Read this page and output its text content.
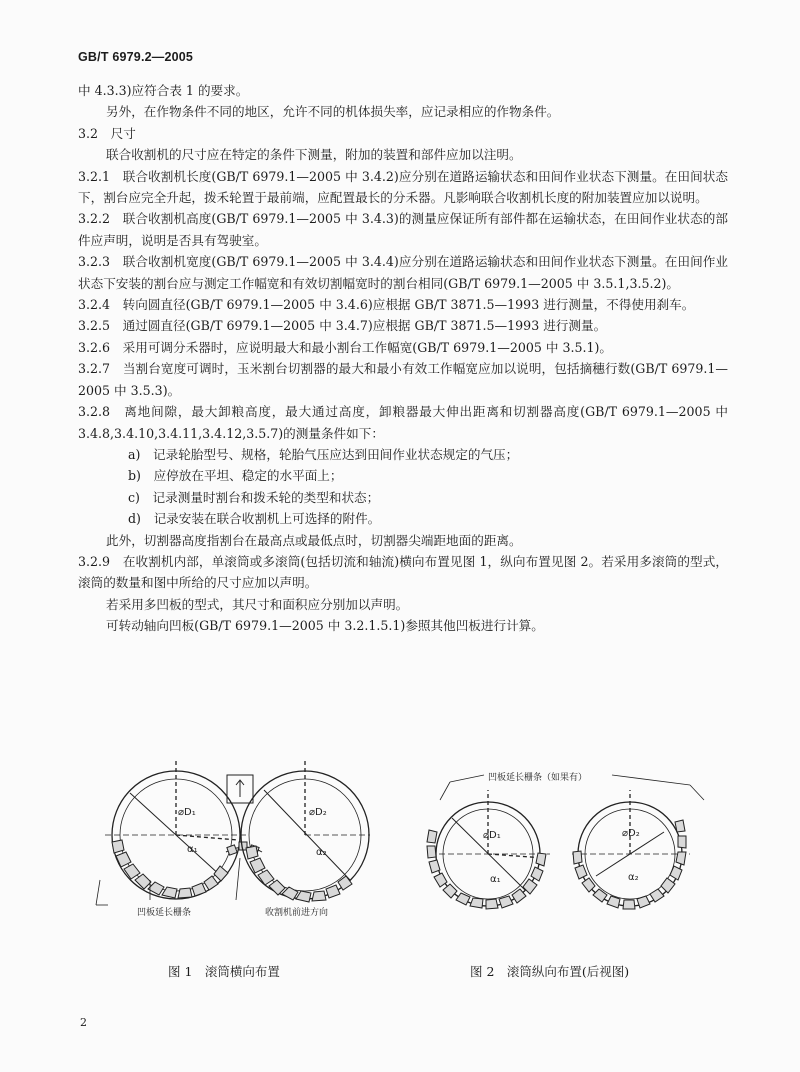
GB/T 6979.2—2005

中 4.3.3)应符合表 1 的要求。

另外，在作物条件不同的地区，允许不同的机体损失率，应记录相应的作物条件。

3.2　尺寸

联合收割机的尺寸应在特定的条件下测量，附加的装置和部件应加以注明。

3.2.1　联合收割机长度(GB/T 6979.1—2005 中 3.4.2)应分别在道路运输状态和田间作业状态下测量。在田间状态下，割台应完全升起，拨禾轮置于最前端，应配置最长的分禾器。凡影响联合收割机长度的附加装置应加以说明。

3.2.2　联合收割机高度(GB/T 6979.1—2005 中 3.4.3)的测量应保证所有部件都在运输状态，在田间作业状态的部件应声明，说明是否具有驾驶室。

3.2.3　联合收割机宽度(GB/T 6979.1—2005 中 3.4.4)应分别在道路运输状态和田间作业状态下测量。在田间作业状态下安装的割台应与测定工作幅宽和有效切割幅宽时的割台相同(GB/T 6979.1—2005 中 3.5.1,3.5.2)。

3.2.4　转向圆直径(GB/T 6979.1—2005 中 3.4.6)应根据 GB/T 3871.5—1993 进行测量，不得使用刹车。

3.2.5　通过圆直径(GB/T 6979.1—2005 中 3.4.7)应根据 GB/T 3871.5—1993 进行测量。

3.2.6　采用可调分禾器时，应说明最大和最小割台工作幅宽(GB/T 6979.1—2005 中 3.5.1)。

3.2.7　当割台宽度可调时，玉米割台切割器的最大和最小有效工作幅宽应加以说明，包括摘穗行数(GB/T 6979.1—2005 中 3.5.3)。

3.2.8　离地间隙，最大卸粮高度，最大通过高度，卸粮器最大伸出距离和切割器高度(GB/T 6979.1—2005 中 3.4.8,3.4.10,3.4.11,3.4.12,3.5.7)的测量条件如下：

a)　记录轮胎型号、规格，轮胎气压应达到田间作业状态规定的气压；

b)　应停放在平坦、稳定的水平面上；

c)　记录测量时割台和拨禾轮的类型和状态；

d)　记录安装在联合收割机上可选择的附件。

此外，切割器高度指割台在最高点或最低点时，切割器尖端距地面的距离。

3.2.9　在收割机内部，单滚筒或多滚筒(包括切流和轴流)横向布置见图 1，纵向布置见图 2。若采用多滚筒的型式，滚筒的数量和图中所给的尺寸应加以声明。

若采用多凹板的型式，其尺寸和面积应分别加以声明。

可转动轴向凹板(GB/T 6979.1—2005 中 3.2.1.5.1)参照其他凹板进行计算。

⌀D₁
α₁
⌀D₂
α₂
凹板延长栅条	收割机前进方向
凹板延长栅条（如果有）
⌀D₁
α₁
⌀D₂
α₂
图 1　滚筒横向布置	图 2　滚筒纵向布置(后视图)
2
